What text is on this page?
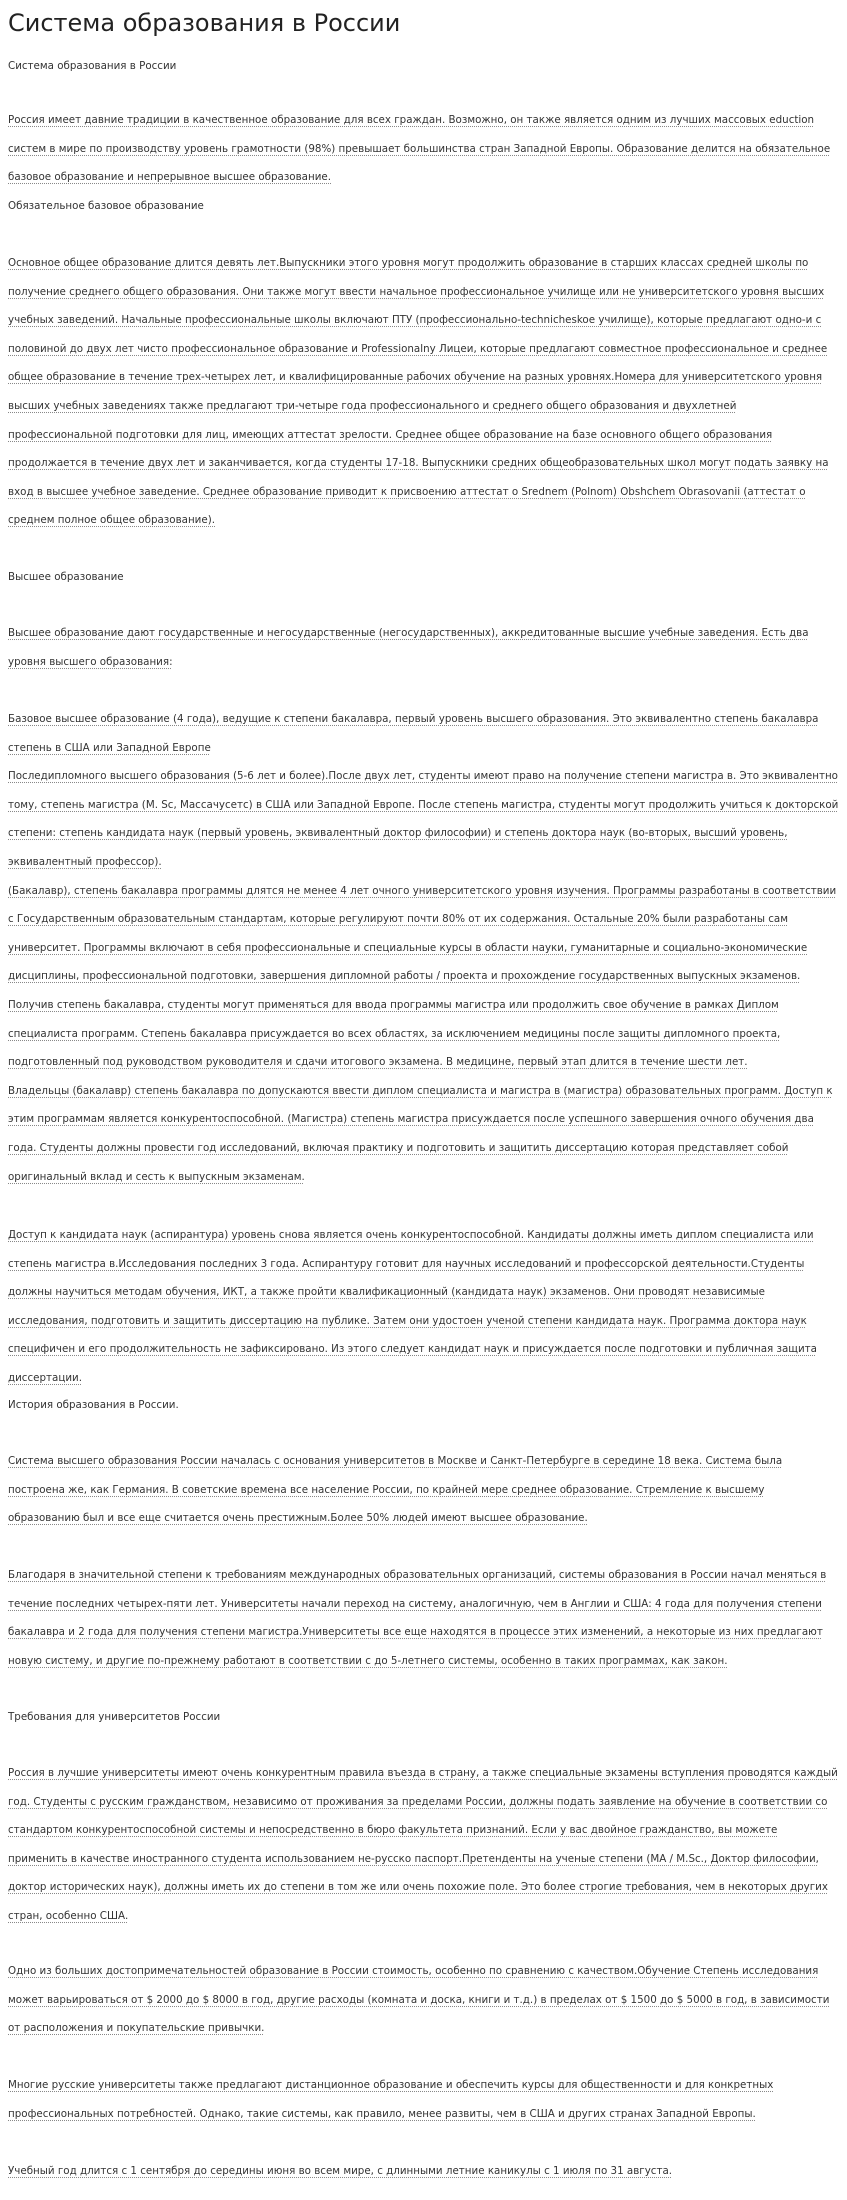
Система образования в России

Система образования в России

Россия имеет давние традиции в качественное образование для всех граждан. Возможно, он также является одним из лучших массовых eduction систем в мире по производству уровень грамотности (98%) превышает большинства стран Западной Европы. Образование делится на обязательное базовое образование и непрерывное высшее образование.

Обязательное базовое образование

Основное общее образование длится девять лет.Выпускники этого уровня могут продолжить образование в старших классах средней школы по получение среднего общего образования. Они также могут ввести начальное профессиональное училище или не университетского уровня высших учебных заведений. Начальные профессиональные школы включают ПТУ (профессионально-technicheskoe училище), которые предлагают одно-и с половиной до двух лет чисто профессиональное образование и Professionalny Лицеи, которые предлагают совместное профессиональное и среднее общее образование в течение трех-четырех лет, и квалифицированные рабочих обучение на разных уровнях.Номера для университетского уровня высших учебных заведениях также предлагают три-четыре года профессионального и среднего общего образования и двухлетней профессиональной подготовки для лиц, имеющих аттестат зрелости. Среднее общее образование на базе основного общего образования продолжается в течение двух лет и заканчивается, когда студенты 17-18. Выпускники средних общеобразовательных школ могут подать заявку на вход в высшее учебное заведение. Среднее образование приводит к присвоению аттестат о Srednem (Polnom) Obshchem Obrasovanii (аттестат о среднем полное общее образование).

Высшее образование

Высшее образование дают государственные и негосударственные (негосударственных), аккредитованные высшие учебные заведения. Есть два уровня высшего образования:

Базовое высшее образование (4 года), ведущие к степени бакалавра, первый уровень высшего образования. Это эквивалентно степень бакалавра степень в США или Западной Европе

Последипломного высшего образования (5-6 лет и более).После двух лет, студенты имеют право на получение степени магистра в. Это эквивалентно тому, степень магистра (M. Sc, Массачусетс) в США или Западной Европе. После степень магистра, студенты могут продолжить учиться к докторской степени: степень кандидата наук (первый уровень, эквивалентный доктор философии) и степень доктора наук (во-вторых, высший уровень, эквивалентный профессор).

(Бакалавр), степень бакалавра программы длятся не менее 4 лет очного университетского уровня изучения. Программы разработаны в соответствии с Государственным образовательным стандартам, которые регулируют почти 80% от их содержания. Остальные 20% были разработаны сам университет. Программы включают в себя профессиональные и специальные курсы в области науки, гуманитарные и социально-экономические дисциплины, профессиональной подготовки, завершения дипломной работы / проекта и прохождение государственных выпускных экзаменов. Получив степень бакалавра, студенты могут применяться для ввода программы магистра или продолжить свое обучение в рамках Диплом специалиста программ. Степень бакалавра присуждается во всех областях, за исключением медицины после защиты дипломного проекта, подготовленный под руководством руководителя и сдачи итогового экзамена. В медицине, первый этап длится в течение шести лет.

Владельцы (бакалавр) степень бакалавра по допускаются ввести диплом специалиста и магистра в (магистра) образовательных программ. Доступ к этим программам является конкурентоспособной. (Магистра) степень магистра присуждается после успешного завершения очного обучения два года. Студенты должны провести год исследований, включая практику и подготовить и защитить диссертацию которая представляет собой оригинальный вклад и сесть к выпускным экзаменам.

Доступ к кандидата наук (аспирантура) уровень снова является очень конкурентоспособной. Кандидаты должны иметь диплом специалиста или степень магистра в.Исследования последних 3 года. Аспирантуру готовит для научных исследований и профессорской деятельности.Студенты должны научиться методам обучения, ИКТ, а также пройти квалификационный (кандидата наук) экзаменов. Они проводят независимые исследования, подготовить и защитить диссертацию на публике. Затем они удостоен ученой степени кандидата наук. Программа доктора наук специфичен и его продолжительность не зафиксировано. Из этого следует кандидат наук и присуждается после подготовки и публичная защита диссертации.

История образования в России.

Система высшего образования России началась с основания университетов в Москве и Санкт-Петербурге в середине 18 века. Система была построена же, как Германия. В советские времена все население России, по крайней мере среднее образование. Стремление к высшему образованию был и все еще считается очень престижным.Более 50% людей имеют высшее образование.

Благодаря в значительной степени к требованиям международных образовательных организаций, системы образования в России начал меняться в течение последних четырех-пяти лет. Университеты начали переход на систему, аналогичную, чем в Англии и США: 4 года для получения степени бакалавра и 2 года для получения степени магистра.Университеты все еще находятся в процессе этих изменений, а некоторые из них предлагают новую систему, и другие по-прежнему работают в соответствии с до 5-летнего системы, особенно в таких программах, как закон.

Требования для университетов России

Россия в лучшие университеты имеют очень конкурентным правила въезда в страну, а также специальные экзамены вступления проводятся каждый год. Студенты с русским гражданством, независимо от проживания за пределами России, должны подать заявление на обучение в соответствии со стандартом конкурентоспособной системы и непосредственно в бюро факультета признаний. Если у вас двойное гражданство, вы можете применить в качестве иностранного студента использованием не-русско паспорт.Претенденты на ученые степени (MA / M.Sc., Доктор философии, доктор исторических наук), должны иметь их до степени в том же или очень похожие поле. Это более строгие требования, чем в некоторых других стран, особенно США.

Одно из больших достопримечательностей образование в России стоимость, особенно по сравнению с качеством.Обучение Степень исследования может варьироваться от $ 2000 до $ 8000 в год, другие расходы (комната и доска, книги и т.д.) в пределах от $ 1500 до $ 5000 в год, в зависимости от расположения и покупательские привычки.

Многие русские университеты также предлагают дистанционное образование и обеспечить курсы для общественности и для конкретных профессиональных потребностей. Однако, такие системы, как правило, менее развиты, чем в США и других странах Западной Европы.

Учебный год длится с 1 сентября до середины июня во всем мире, с длинными летние каникулы с 1 июля по 31 августа.
